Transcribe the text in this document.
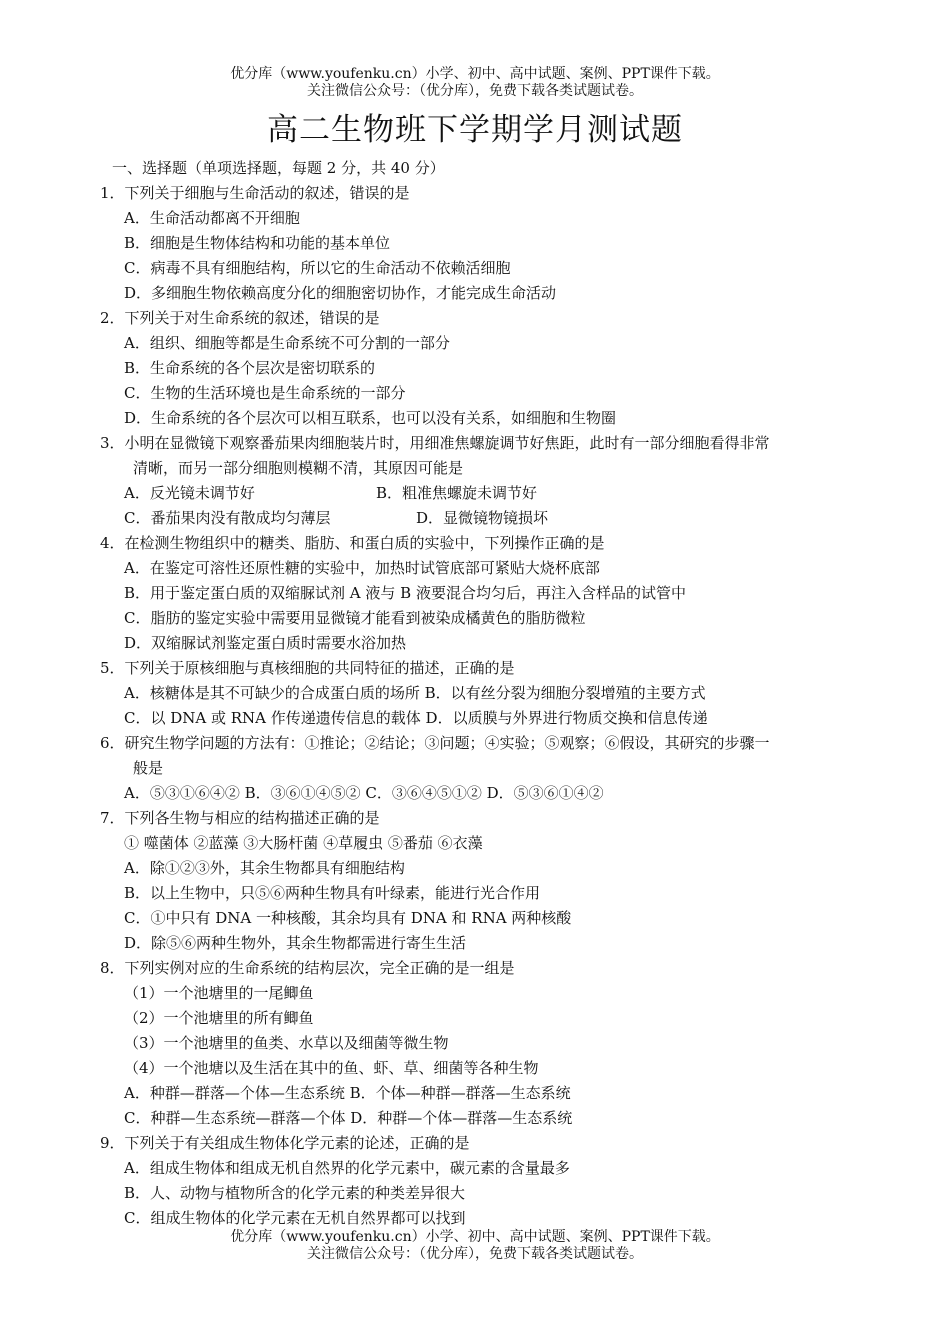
优分库（www.youfenku.cn）小学、初中、高中试题、案例、PPT课件下载。
关注微信公众号：（优分库），免费下载各类试题试卷。
高二生物班下学期学月测试题
一、选择题（单项选择题，每题 2 分，共 40 分）
1．下列关于细胞与生命活动的叙述，错误的是
A．生命活动都离不开细胞
B．细胞是生物体结构和功能的基本单位
C．病毒不具有细胞结构，所以它的生命活动不依赖活细胞
D．多细胞生物依赖高度分化的细胞密切协作，才能完成生命活动
2．下列关于对生命系统的叙述，错误的是
A．组织、细胞等都是生命系统不可分割的一部分
B．生命系统的各个层次是密切联系的
C．生物的生活环境也是生命系统的一部分
D．生命系统的各个层次可以相互联系，也可以没有关系，如细胞和生物圈
3．小明在显微镜下观察番茄果肉细胞装片时，用细准焦螺旋调节好焦距，此时有一部分细胞看得非常
清晰，而另一部分细胞则模糊不清，其原因可能是
A．反光镜未调节好	B．粗准焦螺旋未调节好
C．番茄果肉没有散成均匀薄层	D．显微镜物镜损坏
4．在检测生物组织中的糖类、脂肪、和蛋白质的实验中，下列操作正确的是
A．在鉴定可溶性还原性糖的实验中，加热时试管底部可紧贴大烧杯底部
B．用于鉴定蛋白质的双缩脲试剂 A 液与 B 液要混合均匀后，再注入含样品的试管中
C．脂肪的鉴定实验中需要用显微镜才能看到被染成橘黄色的脂肪微粒
D．双缩脲试剂鉴定蛋白质时需要水浴加热
5．下列关于原核细胞与真核细胞的共同特征的描述，正确的是
A．核糖体是其不可缺少的合成蛋白质的场所 B．以有丝分裂为细胞分裂增殖的主要方式
C．以 DNA 或 RNA 作传递遗传信息的载体 D．以质膜与外界进行物质交换和信息传递
6．研究生物学问题的方法有：①推论；②结论；③问题；④实验；⑤观察；⑥假设，其研究的步骤一
般是
A．⑤③①⑥④② B．③⑥①④⑤② C．③⑥④⑤①② D．⑤③⑥①④②
7．下列各生物与相应的结构描述正确的是
① 噬菌体 ②蓝藻 ③大肠杆菌 ④草履虫 ⑤番茄 ⑥衣藻
A．除①②③外，其余生物都具有细胞结构
B．以上生物中，只⑤⑥两种生物具有叶绿素，能进行光合作用
C．①中只有 DNA 一种核酸，其余均具有 DNA 和 RNA 两种核酸
D．除⑤⑥两种生物外，其余生物都需进行寄生生活
8．下列实例对应的生命系统的结构层次，完全正确的是一组是
（1）一个池塘里的一尾鲫鱼
（2）一个池塘里的所有鲫鱼
（3）一个池塘里的鱼类、水草以及细菌等微生物
（4）一个池塘以及生活在其中的鱼、虾、草、细菌等各种生物
A．种群—群落—个体—生态系统 B．个体—种群—群落—生态系统
C．种群—生态系统—群落—个体 D．种群—个体—群落—生态系统
9．下列关于有关组成生物体化学元素的论述，正确的是
A．组成生物体和组成无机自然界的化学元素中，碳元素的含量最多
B．人、动物与植物所含的化学元素的种类差异很大
C．组成生物体的化学元素在无机自然界都可以找到
优分库（www.youfenku.cn）小学、初中、高中试题、案例、PPT课件下载。
关注微信公众号：（优分库），免费下载各类试题试卷。
